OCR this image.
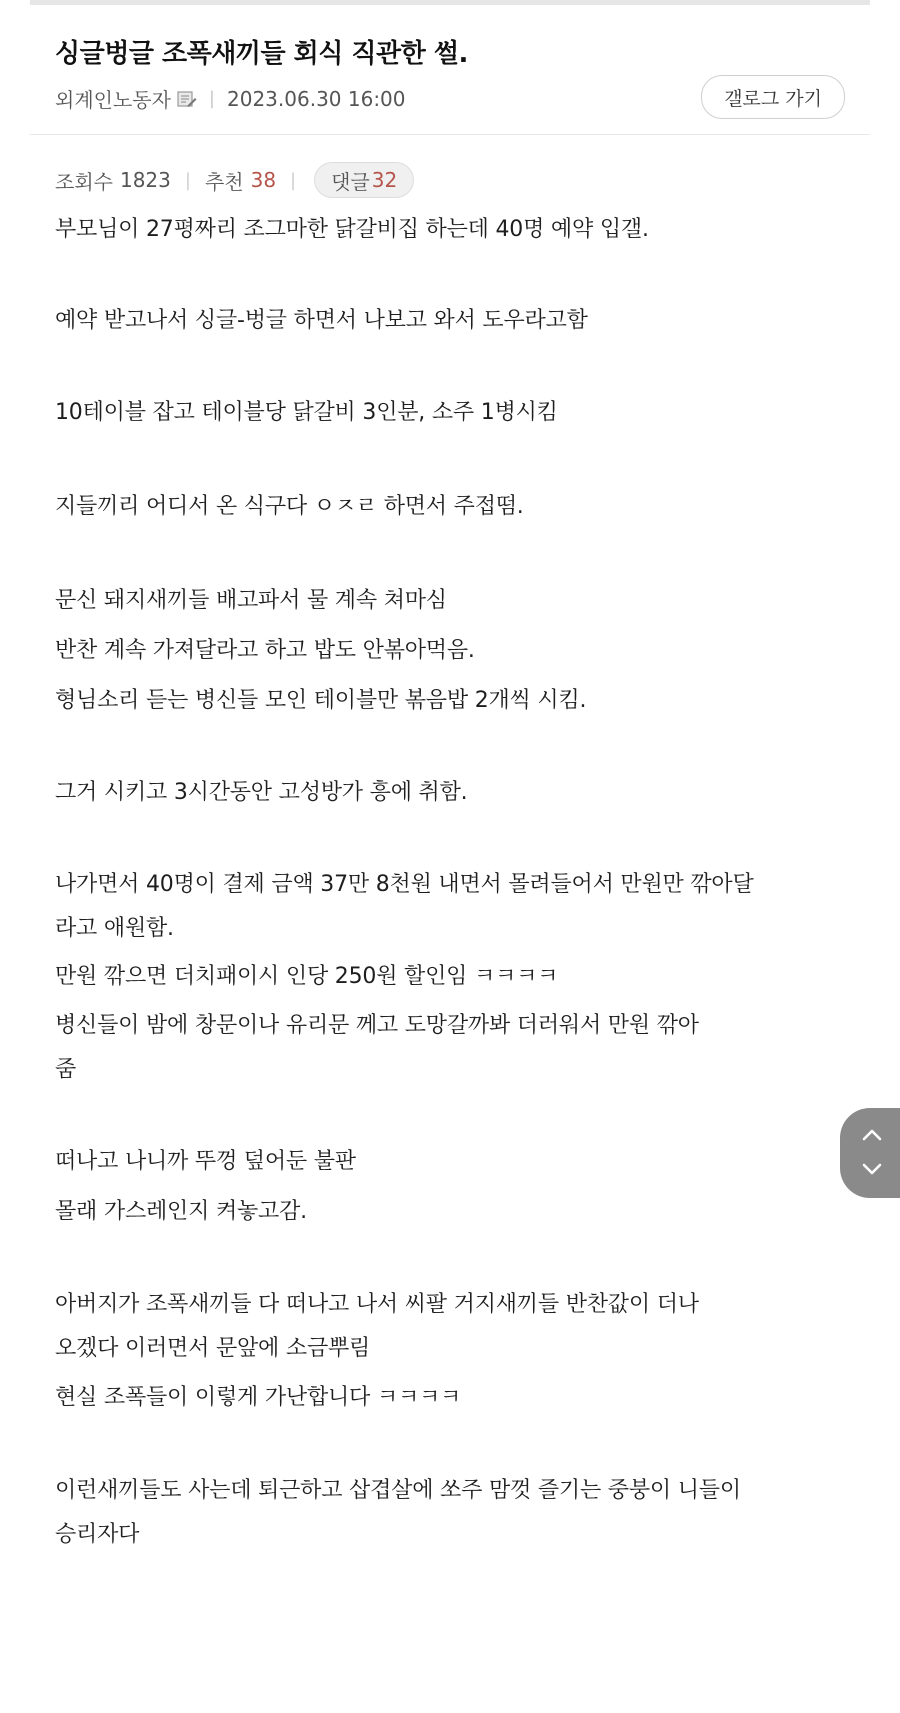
싱글벙글 조폭새끼들 회식 직관한 썰.
외계인노동자 | 2023.06.30 16:00	갤로그 가기
조회수 1823 | 추천 38 | 댓글 32
부모님이 27평짜리 조그마한 닭갈비집 하는데 40명 예약 입갤.
예약 받고나서 싱글-벙글 하면서 나보고 와서 도우라고함
10테이블 잡고 테이블당 닭갈비 3인분, 소주 1병시킴
지들끼리 어디서 온 식구다 ㅇㅈㄹ 하면서 주접떰.
문신 돼지새끼들 배고파서 물 계속 쳐마심
반찬 계속 가져달라고 하고 밥도 안볶아먹음.
형님소리 듣는 병신들 모인 테이블만 볶음밥 2개씩 시킴.
그거 시키고 3시간동안 고성방가 흥에 취함.
나가면서 40명이 결제 금액 37만 8천원 내면서 몰려들어서 만원만 깎아달
라고 애원함.
만원 깎으면 더치패이시 인당 250원 할인임 ㅋㅋㅋㅋ
병신들이 밤에 창문이나 유리문 께고 도망갈까봐 더러워서 만원 깎아
줌
떠나고 나니까 뚜껑 덮어둔 불판
몰래 가스레인지 켜놓고감.
아버지가 조폭새끼들 다 떠나고 나서 씨팔 거지새끼들 반찬값이 더나
오겠다 이러면서 문앞에 소금뿌림
현실 조폭들이 이렇게 가난합니다 ㅋㅋㅋㅋ
이런새끼들도 사는데 퇴근하고 삽겹살에 쏘주 맘껏 즐기는 중붕이 니들이
승리자다
